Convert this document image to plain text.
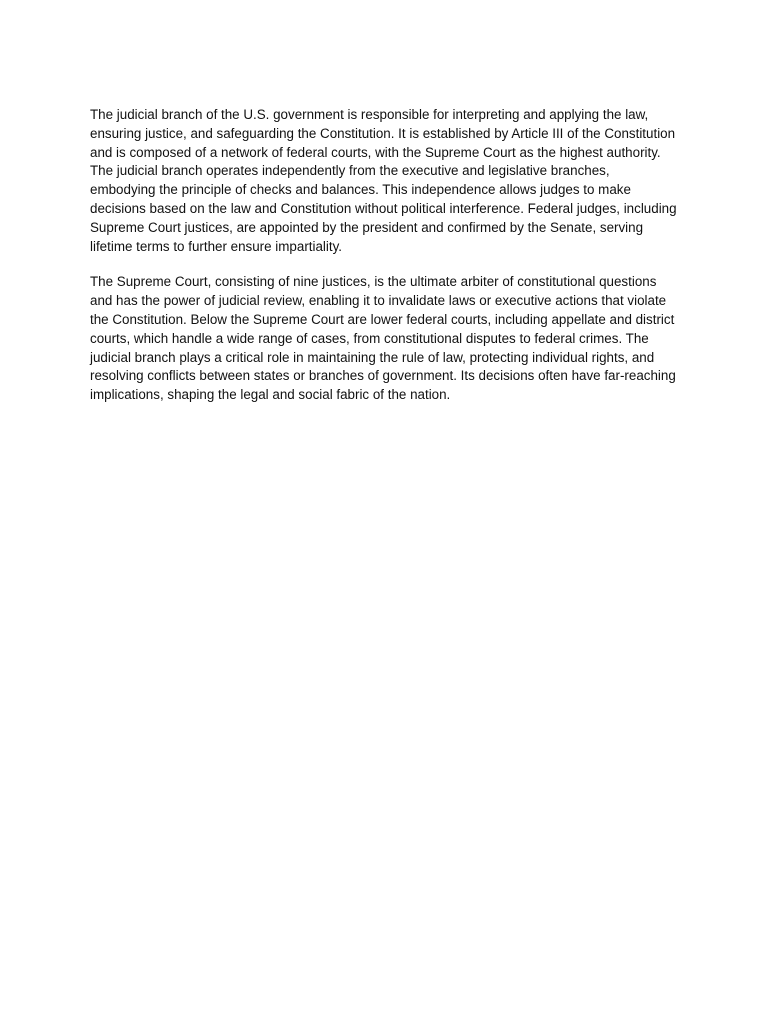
The judicial branch of the U.S. government is responsible for interpreting and applying the law, ensuring justice, and safeguarding the Constitution. It is established by Article III of the Constitution and is composed of a network of federal courts, with the Supreme Court as the highest authority. The judicial branch operates independently from the executive and legislative branches, embodying the principle of checks and balances. This independence allows judges to make decisions based on the law and Constitution without political interference. Federal judges, including Supreme Court justices, are appointed by the president and confirmed by the Senate, serving lifetime terms to further ensure impartiality.

The Supreme Court, consisting of nine justices, is the ultimate arbiter of constitutional questions and has the power of judicial review, enabling it to invalidate laws or executive actions that violate the Constitution. Below the Supreme Court are lower federal courts, including appellate and district courts, which handle a wide range of cases, from constitutional disputes to federal crimes. The judicial branch plays a critical role in maintaining the rule of law, protecting individual rights, and resolving conflicts between states or branches of government. Its decisions often have far-reaching implications, shaping the legal and social fabric of the nation.
